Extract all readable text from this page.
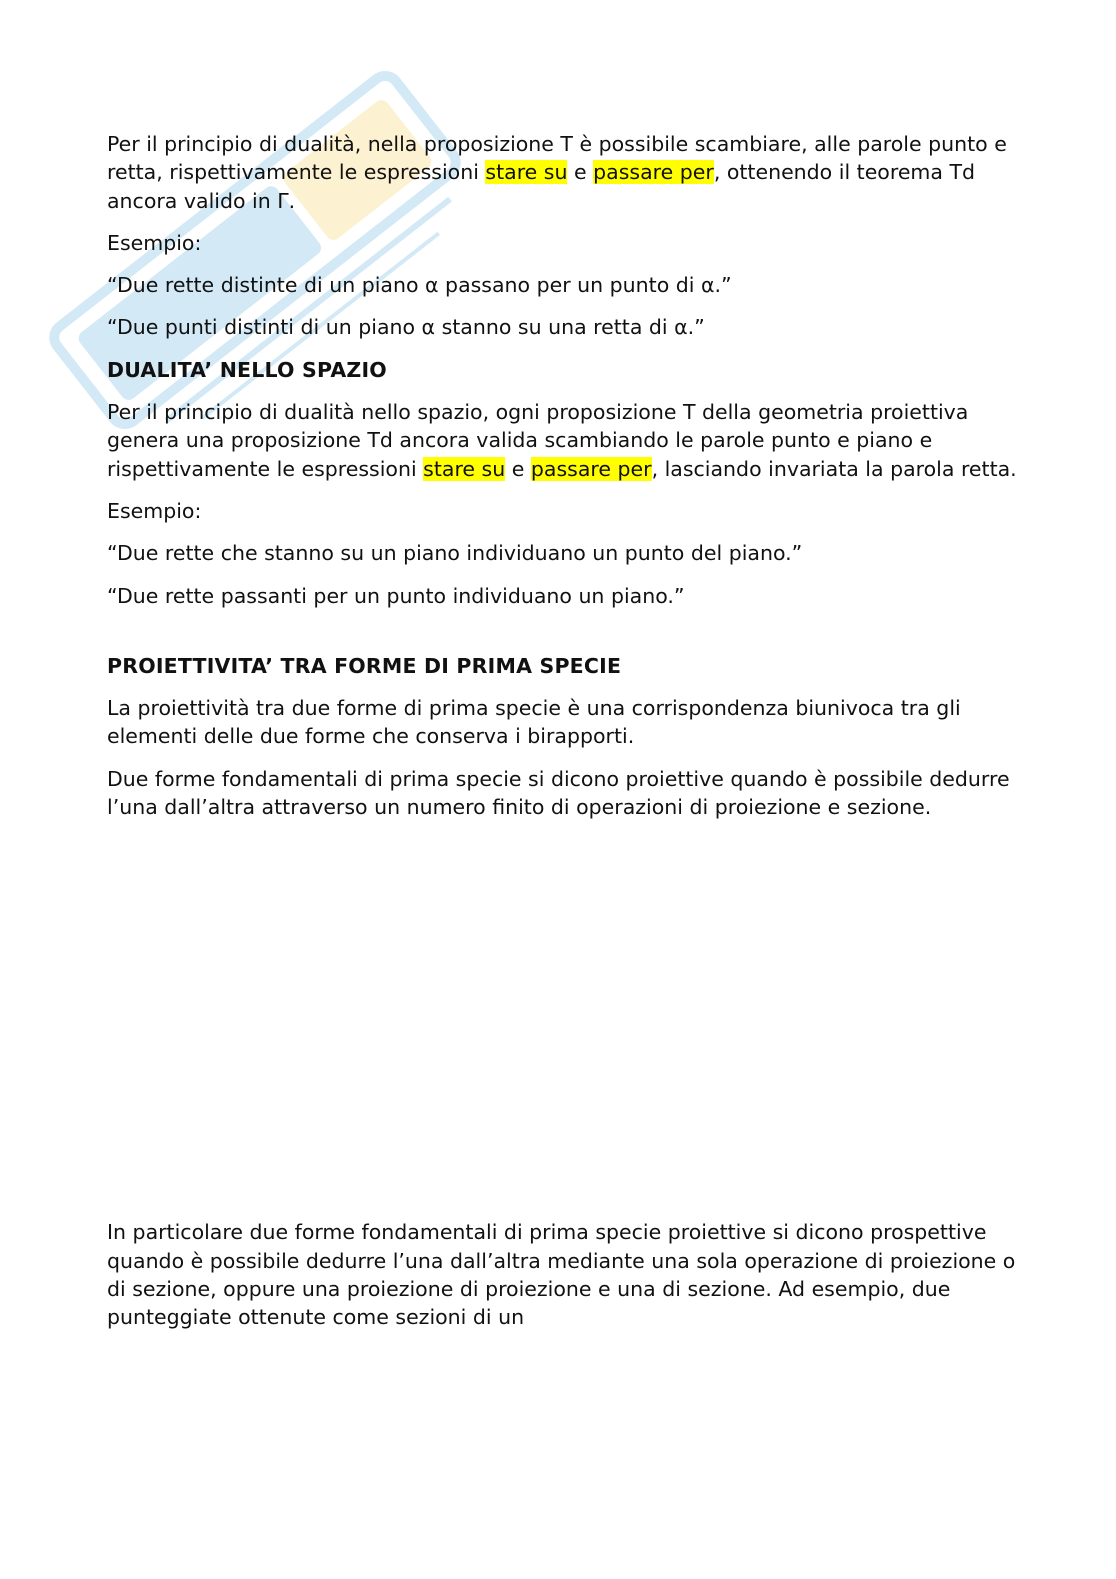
Per il principio di dualità, nella proposizione T è possibile scambiare, alle parole punto e retta, rispettivamente le espressioni stare su e passare per, ottenendo il teorema Td ancora valido in Γ.

Esempio:

“Due rette distinte di un piano α passano per un punto di α.”

“Due punti distinti di un piano α stanno su una retta di α.”

DUALITA’ NELLO SPAZIO

Per il principio di dualità nello spazio, ogni proposizione T della geometria proiettiva genera una proposizione Td ancora valida scambiando le parole punto e piano e rispettivamente le espressioni stare su e passare per, lasciando invariata la parola retta.

Esempio:

“Due rette che stanno su un piano individuano un punto del piano.”

“Due rette passanti per un punto individuano un piano.”

PROIETTIVITA’ TRA FORME DI PRIMA SPECIE

La proiettività tra due forme di prima specie è una corrispondenza biunivoca tra gli elementi delle due forme che conserva i birapporti.

Due forme fondamentali di prima specie si dicono proiettive quando è possibile dedurre l’una dall’altra attraverso un numero finito di operazioni di proiezione e sezione.

In particolare due forme fondamentali di prima specie proiettive si dicono prospettive quando è possibile dedurre l’una dall’altra mediante una sola operazione di proiezione o di sezione, oppure una proiezione di proiezione e una di sezione. Ad esempio, due punteggiate ottenute come sezioni di un
